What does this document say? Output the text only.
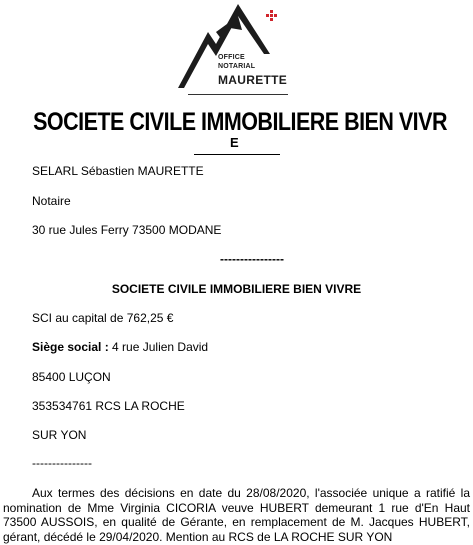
OFFICE
NOTARIAL
MAURETTE
SOCIETE CIVILE IMMOBILIERE BIEN VIVR
E
SELARL Sébastien MAURETTE
Notaire
30 rue Jules Ferry 73500 MODANE
----------------
SOCIETE CIVILE IMMOBILIERE BIEN VIVRE
SCI au capital de 762,25 €
Siège social : 4 rue Julien David
85400 LUÇON
353534761 RCS LA ROCHE
SUR YON
---------------
Aux termes des décisions en date du 28/08/2020, l'associée unique a ratifié la nomination de Mme Virginia CICORIA veuve HUBERT demeurant 1 rue d'En Haut 73500 AUSSOIS, en qualité de Gérante, en remplacement de M. Jacques HUBERT, gérant, décédé le 29/04/2020. Mention au RCS de LA ROCHE SUR YON
